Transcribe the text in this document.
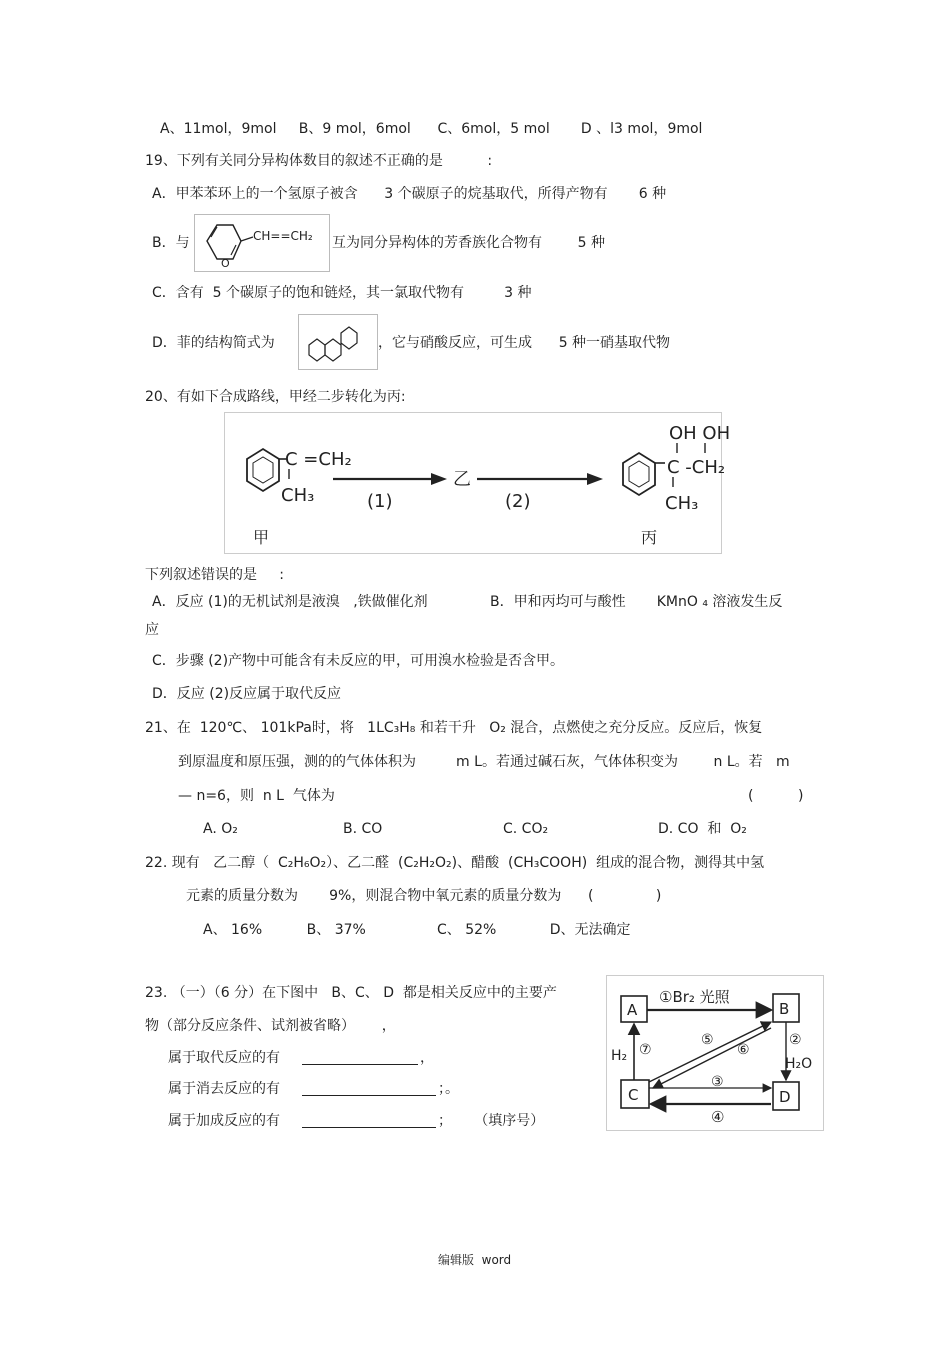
A、11mol，9mol     B、9 mol，6mol      C、6mol，5 mol       D 、l3 mol，9mol
19、下列有关同分异构体数目的叙述不正确的是          :
A．甲苯苯环上的一个氢原子被含      3 个碳原子的烷基取代，所得产物有       6 种
B．与
O
CH==CH₂ 互为同分异构体的芳香族化合物有        5 种
C．含有  5 个碳原子的饱和链烃，其一氯取代物有         3 种
D．菲的结构简式为	，它与硝酸反应，可生成      5 种一硝基取代物
20、有如下合成路线，甲经二步转化为丙:
C =CH₂
CH₃
甲
(1)
乙
(2)
OH OH
C -CH₂
CH₃
丙
下列叙述错误的是     :
A．反应 (1)的无机试剂是液溴   ,铁做催化剂              B．甲和丙均可与酸性       KMnO ₄ 溶液发生反
应
C．步骤 (2)产物中可能含有未反应的甲，可用溴水检验是否含甲。
D．反应 (2)反应属于取代反应
21、在  120℃、 101kPa时，将   1LC₃H₈ 和若干升   O₂ 混合，点燃使之充分反应。反应后，恢复
到原温度和原压强，测的的气体体积为         m L。若通过碱石灰，气体体积变为        n L。若   m
— n=6，则  n L  气体为	(          )
A. O₂	B. CO	C. CO₂	D. CO  和  O₂
22. 现有   乙二醇（  C₂H₆O₂）、乙二醛  (C₂H₂O₂)、醋酸  (CH₃COOH)  组成的混合物，测得其中氢
元素的质量分数为       9%，则混合物中氧元素的质量分数为      (              )
A、 16%          B、 37%                C、 52%            D、无法确定
23. （一）（6 分）在下图中   B、C、 D  都是相关反应中的主要产
物（部分反应条件、试剂被省略）      ，
属于取代反应的有	，
属于消去反应的有	；。
属于加成反应的有	；     （填序号）
A	B
C	D
①Br₂ 光照
②
H₂O
H₂ ⑦
⑤
⑥
③
④
编辑版  word
